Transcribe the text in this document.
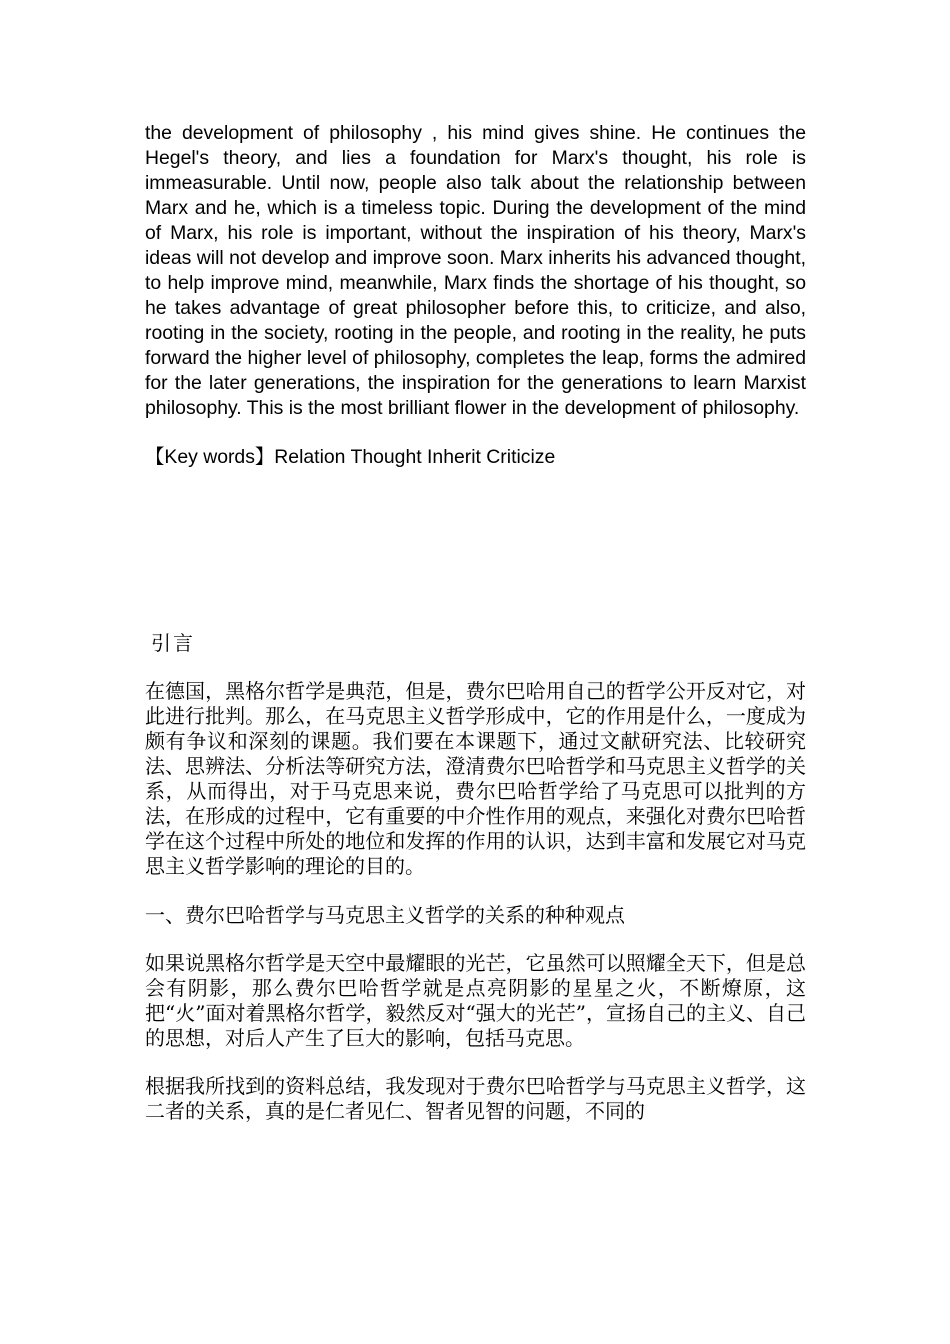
the development of philosophy , his mind gives shine. He continues the Hegel's theory, and lies a foundation for Marx's thought, his role is immeasurable. Until now, people also talk about the relationship between Marx and he, which is a timeless topic. During the development of the mind of Marx, his role is important, without the inspiration of his theory, Marx's ideas will not develop and improve soon. Marx inherits his advanced thought, to help improve mind, meanwhile, Marx finds the shortage of his thought, so he takes advantage of great philosopher before this, to criticize, and also, rooting in the society, rooting in the people, and rooting in the reality, he puts forward the higher level of philosophy, completes the leap, forms the admired for the later generations, the inspiration for the generations to learn Marxist philosophy. This is the most brilliant flower in the development of philosophy.

【Key words】Relation Thought Inherit Criticize

引言

在德国，黑格尔哲学是典范，但是，费尔巴哈用自己的哲学公开反对它，对此进行批判。那么，在马克思主义哲学形成中，它的作用是什么，一度成为颇有争议和深刻的课题。我们要在本课题下，通过文献研究法、比较研究法、思辨法、分析法等研究方法，澄清费尔巴哈哲学和马克思主义哲学的关系，从而得出，对于马克思来说，费尔巴哈哲学给了马克思可以批判的方法，在形成的过程中，它有重要的中介性作用的观点，来强化对费尔巴哈哲学在这个过程中所处的地位和发挥的作用的认识，达到丰富和发展它对马克思主义哲学影响的理论的目的。

一、费尔巴哈哲学与马克思主义哲学的关系的种种观点

如果说黑格尔哲学是天空中最耀眼的光芒，它虽然可以照耀全天下，但是总会有阴影，那么费尔巴哈哲学就是点亮阴影的星星之火，不断燎原，这把“火”面对着黑格尔哲学，毅然反对“强大的光芒”，宣扬自己的主义、自己的思想，对后人产生了巨大的影响，包括马克思。

根据我所找到的资料总结，我发现对于费尔巴哈哲学与马克思主义哲学，这二者的关系，真的是仁者见仁、智者见智的问题，不同的
